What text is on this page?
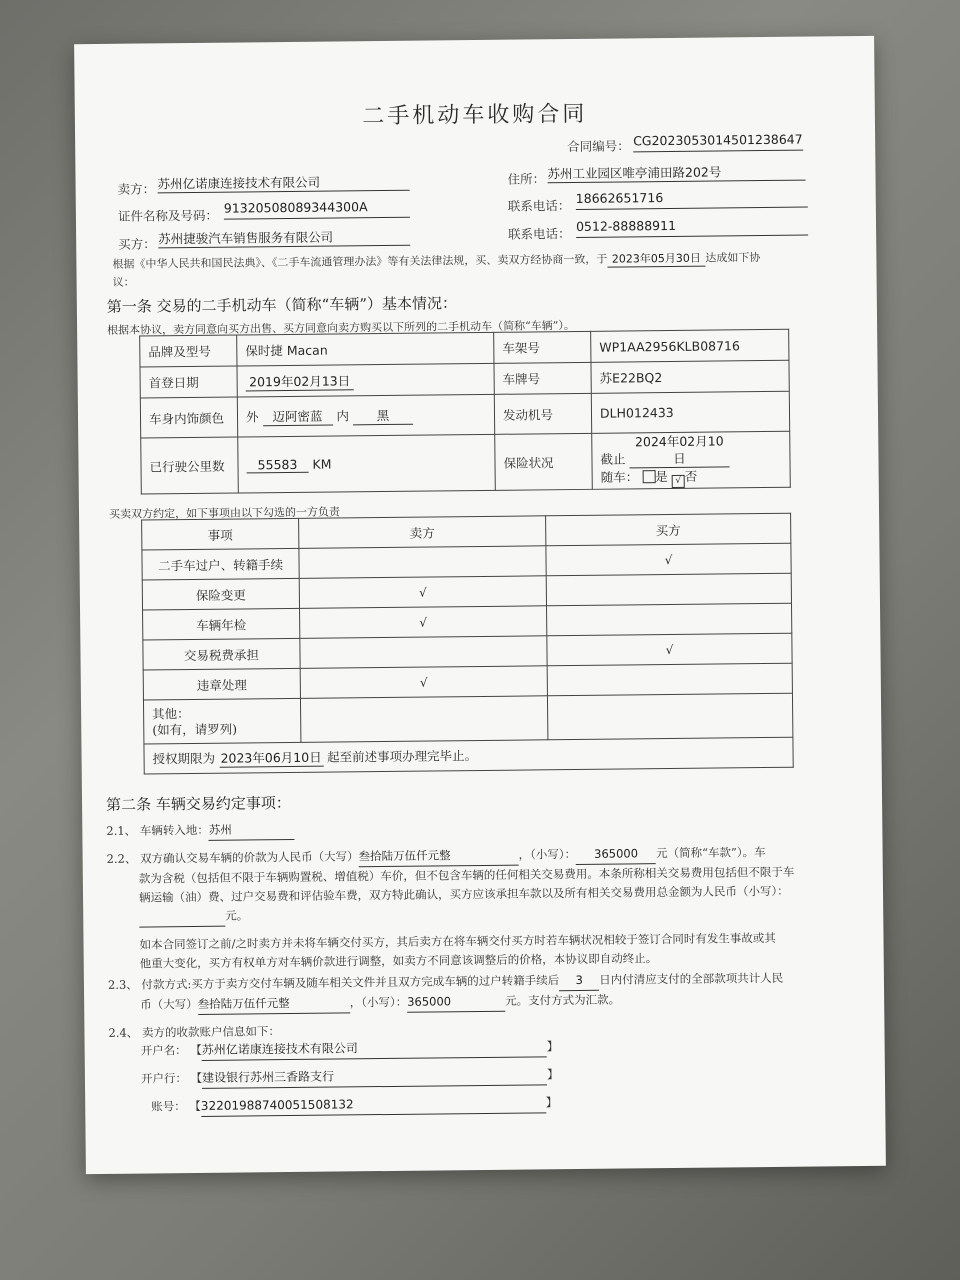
二手机动车收购合同
合同编号： CG2023053014501238647
卖方： 苏州亿诺康连接技术有限公司	住所： 苏州工业园区唯亭浦田路202号
证件名称及号码：
91320508089344300A	联系电话： 18662651716
买方： 苏州捷骏汽车销售服务有限公司	联系电话： 0512-88888911
根据《中华人民共和国民法典》、《二手车流通管理办法》等有关法律法规，买、卖双方经协商一致，于 2023年05月30日 达成如下协
议：
第一条 交易的二手机动车（简称“车辆”）基本情况：
根据本协议，卖方同意向买方出售、买方同意向卖方购买以下所列的二手机动车（简称“车辆”）。
品牌及型号	保时捷 Macan	车架号	WP1AA2956KLB08716
首登日期	2019年02月13日	车牌号	苏E22BQ2
车身内饰颜色	外 迈阿密蓝 内 黑	发动机号	DLH012433
已行驶公里数	55583 KM	保险状况	截止 2024年02月10日
随车： 是 √ 否
买卖双方约定，如下事项由以下勾选的一方负责
事项	卖方	买方
二手车过户、转籍手续		√
保险变更	√	
车辆年检	√	
交易税费承担		√
违章处理	√	
其他：
(如有，请罗列)		
授权期限为 2023年06月10日 起至前述事项办理完毕止。		
第二条 车辆交易约定事项：
2.1、 车辆转入地：苏州
2.2、 双方确认交易车辆的价款为人民币（大写）叁拾陆万伍仟元整	，（小写）： 365000 元（简称“车款”）。车
款为含税（包括但不限于车辆购置税、增值税）车价，但不包含车辆的任何相关交易费用。本条所称相关交易费用包括但不限于车
辆运输（油）费、过户交易费和评估验车费，双方特此确认，买方应该承担车款以及所有相关交易费用总金额为人民币（小写）：
元。
如本合同签订之前/之时卖方并未将车辆交付买方，其后卖方在将车辆交付买方时若车辆状况相较于签订合同时有发生事故或其
他重大变化，买方有权单方对车辆价款进行调整，如卖方不同意该调整后的价格，本协议即自动终止。
2.3、 付款方式:买方于卖方交付车辆及随车相关文件并且双方完成车辆的过户转籍手续后 3 日内付清应支付的全部款项共计人民
币（大写）叁拾陆万伍仟元整	，（小写）：365000	元。支付方式为汇款。
2.4、 卖方的收款账户信息如下：
开户名： 【苏州亿诺康连接技术有限公司	】
开户行： 【建设银行苏州三香路支行	】
账号： 【32201988740051508132	】
